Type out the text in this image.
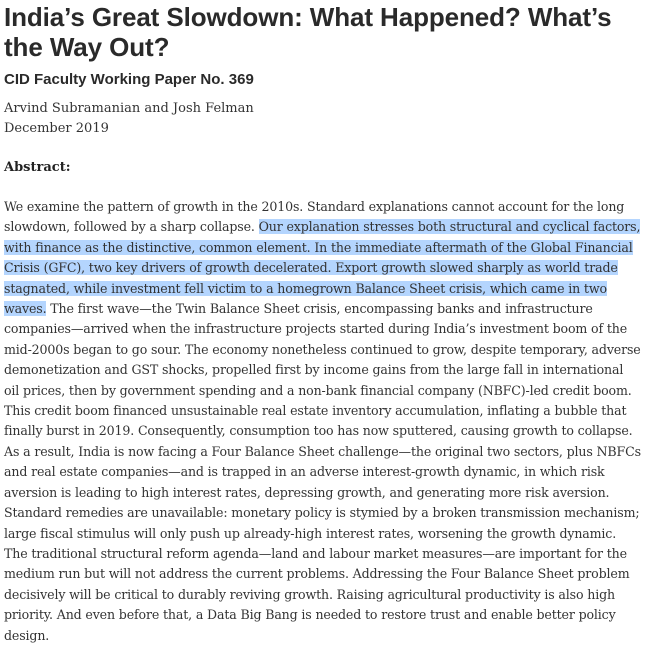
India’s Great Slowdown: What Happened? What’s the Way Out?
CID Faculty Working Paper No. 369
Arvind Subramanian and Josh Felman
December 2019
Abstract:

We examine the pattern of growth in the 2010s. Standard explanations cannot account for the long slowdown, followed by a sharp collapse. Our explanation stresses both structural and cyclical factors, with finance as the distinctive, common element. In the immediate aftermath of the Global Financial Crisis (GFC), two key drivers of growth decelerated. Export growth slowed sharply as world trade stagnated, while investment fell victim to a homegrown Balance Sheet crisis, which came in two waves. The first wave—the Twin Balance Sheet crisis, encompassing banks and infrastructure companies—arrived when the infrastructure projects started during India’s investment boom of the mid-2000s began to go sour. The economy nonetheless continued to grow, despite temporary, adverse demonetization and GST shocks, propelled first by income gains from the large fall in international oil prices, then by government spending and a non-bank financial company (NBFC)-led credit boom. This credit boom financed unsustainable real estate inventory accumulation, inflating a bubble that finally burst in 2019. Consequently, consumption too has now sputtered, causing growth to collapse. As a result, India is now facing a Four Balance Sheet challenge—the original two sectors, plus NBFCs and real estate companies—and is trapped in an adverse interest-growth dynamic, in which risk aversion is leading to high interest rates, depressing growth, and generating more risk aversion. Standard remedies are unavailable: monetary policy is stymied by a broken transmission mechanism; large fiscal stimulus will only push up already-high interest rates, worsening the growth dynamic. The traditional structural reform agenda—land and labour market measures—are important for the medium run but will not address the current problems. Addressing the Four Balance Sheet problem decisively will be critical to durably reviving growth. Raising agricultural productivity is also high priority. And even before that, a Data Big Bang is needed to restore trust and enable better policy design.
